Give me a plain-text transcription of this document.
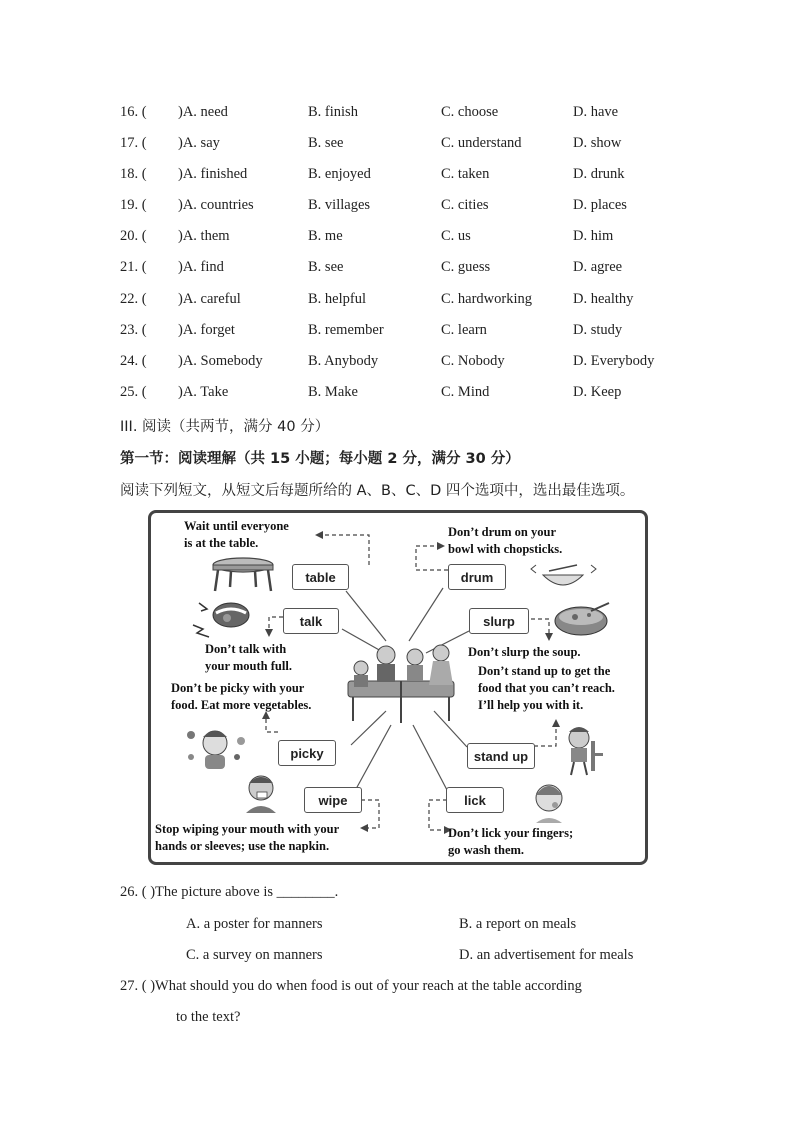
16. ( )A. need	B. finish	C. choose	D. have
17. ( )A. say	B. see	C. understand	D. show
18. ( )A. finished	B. enjoyed	C. taken	D. drunk
19. ( )A. countries	B. villages	C. cities	D. places
20. ( )A. them	B. me	C. us	D. him
21. ( )A. find	B. see	C. guess	D. agree
22. ( )A. careful	B. helpful	C. hardworking	D. healthy
23. ( )A. forget	B. remember	C. learn	D. study
24. ( )A. Somebody	B. Anybody	C. Nobody	D. Everybody
25. ( )A. Take	B. Make	C. Mind	D. Keep
III. 阅读（共两节，满分 40 分）
第一节：阅读理解（共 15 小题；每小题 2 分，满分 30 分）
阅读下列短文，从短文后每题所给的 A、B、C、D 四个选项中，选出最佳选项。
table
talk
picky
wipe
drum
slurp
stand up
lick
Wait until everyone
is at the table.
Don’t talk with
your mouth full.
Don’t be picky with your
food. Eat more vegetables.
Stop wiping your mouth with your
hands or sleeves; use the napkin.
Don’t drum on your
bowl with chopsticks.
Don’t slurp the soup.
Don’t stand up to get the
food that you can’t reach.
I’ll help you with it.
Don’t lick your fingers;
go wash them.
26. ( )The picture above is ________.
A. a poster for manners	B. a report on meals
C. a survey on manners	D. an advertisement for meals
27. ( )What should you do when food is out of your reach at the table according
to the text?
